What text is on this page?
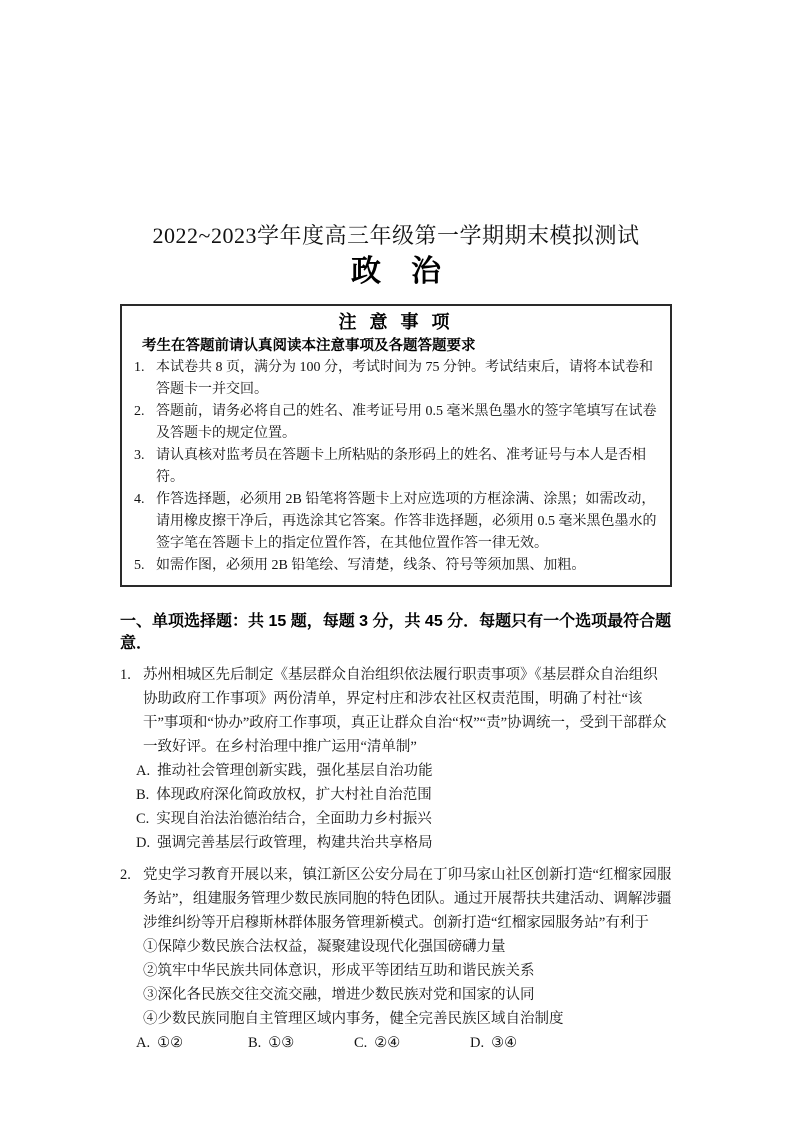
2022~2023学年度高三年级第一学期期末模拟测试
政　治
注 意 事 项
考生在答题前请认真阅读本注意事项及各题答题要求
1. 本试卷共 8 页，满分为 100 分，考试时间为 75 分钟。考试结束后，请将本试卷和答题卡一并交回。
2. 答题前，请务必将自己的姓名、准考证号用 0.5 毫米黑色墨水的签字笔填写在试卷及答题卡的规定位置。
3. 请认真核对监考员在答题卡上所粘贴的条形码上的姓名、准考证号与本人是否相符。
4. 作答选择题，必须用 2B 铅笔将答题卡上对应选项的方框涂满、涂黑；如需改动，请用橡皮擦干净后，再选涂其它答案。作答非选择题，必须用 0.5 毫米黑色墨水的签字笔在答题卡上的指定位置作答，在其他位置作答一律无效。
5. 如需作图，必须用 2B 铅笔绘、写清楚，线条、符号等须加黑、加粗。
一、单项选择题：共 15 题，每题 3 分，共 45 分．每题只有一个选项最符合题意．
1. 苏州相城区先后制定《基层群众自治组织依法履行职责事项》《基层群众自治组织协助政府工作事项》两份清单，界定村庄和涉农社区权责范围，明确了村社“该干”事项和“协办”政府工作事项，真正让群众自治“权”“责”协调统一，受到干部群众一致好评。在乡村治理中推广运用“清单制”
A. 推动社会管理创新实践，强化基层自治功能
B. 体现政府深化简政放权，扩大村社自治范围
C. 实现自治法治德治结合，全面助力乡村振兴
D. 强调完善基层行政管理，构建共治共享格局
2. 党史学习教育开展以来，镇江新区公安分局在丁卯马家山社区创新打造“红榴家园服务站”，组建服务管理少数民族同胞的特色团队。通过开展帮扶共建活动、调解涉疆涉维纠纷等开启穆斯林群体服务管理新模式。创新打造“红榴家园服务站”有利于
①保障少数民族合法权益，凝聚建设现代化强国磅礴力量
②筑牢中华民族共同体意识，形成平等团结互助和谐民族关系
③深化各民族交往交流交融，增进少数民族对党和国家的认同
④少数民族同胞自主管理区域内事务，健全完善民族区域自治制度
A. ①②	B. ①③	C. ②④	D. ③④
